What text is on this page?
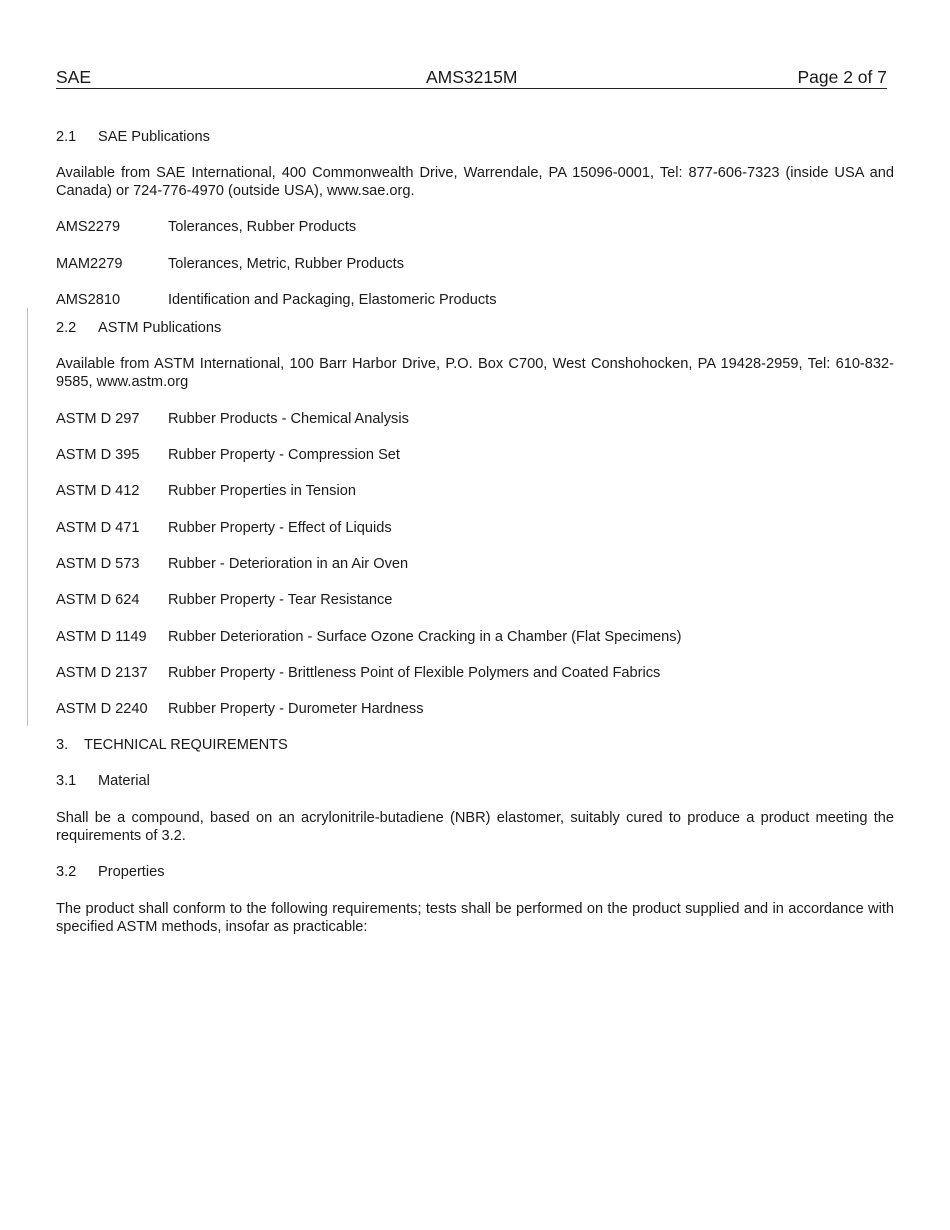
SAE	AMS3215M	Page 2 of 7
2.1	SAE Publications

Available from SAE International, 400 Commonwealth Drive, Warrendale, PA 15096-0001, Tel: 877-606-7323 (inside USA and Canada) or 724-776-4970 (outside USA), www.sae.org.

AMS2279	Tolerances, Rubber Products
MAM2279	Tolerances, Metric, Rubber Products
AMS2810	Identification and Packaging, Elastomeric Products
2.2	ASTM Publications

Available from ASTM International, 100 Barr Harbor Drive, P.O. Box C700, West Conshohocken, PA 19428-2959, Tel: 610-832-9585, www.astm.org

ASTM D 297	Rubber Products - Chemical Analysis
ASTM D 395	Rubber Property - Compression Set
ASTM D 412	Rubber Properties in Tension
ASTM D 471	Rubber Property - Effect of Liquids
ASTM D 573	Rubber - Deterioration in an Air Oven
ASTM D 624	Rubber Property - Tear Resistance
ASTM D 1149	Rubber Deterioration - Surface Ozone Cracking in a Chamber (Flat Specimens)
ASTM D 2137	Rubber Property - Brittleness Point of Flexible Polymers and Coated Fabrics
ASTM D 2240	Rubber Property - Durometer Hardness
3.	TECHNICAL REQUIREMENTS
3.1	Material

Shall be a compound, based on an acrylonitrile-butadiene (NBR) elastomer, suitably cured to produce a product meeting the requirements of 3.2.

3.2	Properties

The product shall conform to the following requirements; tests shall be performed on the product supplied and in accordance with specified ASTM methods, insofar as practicable:
